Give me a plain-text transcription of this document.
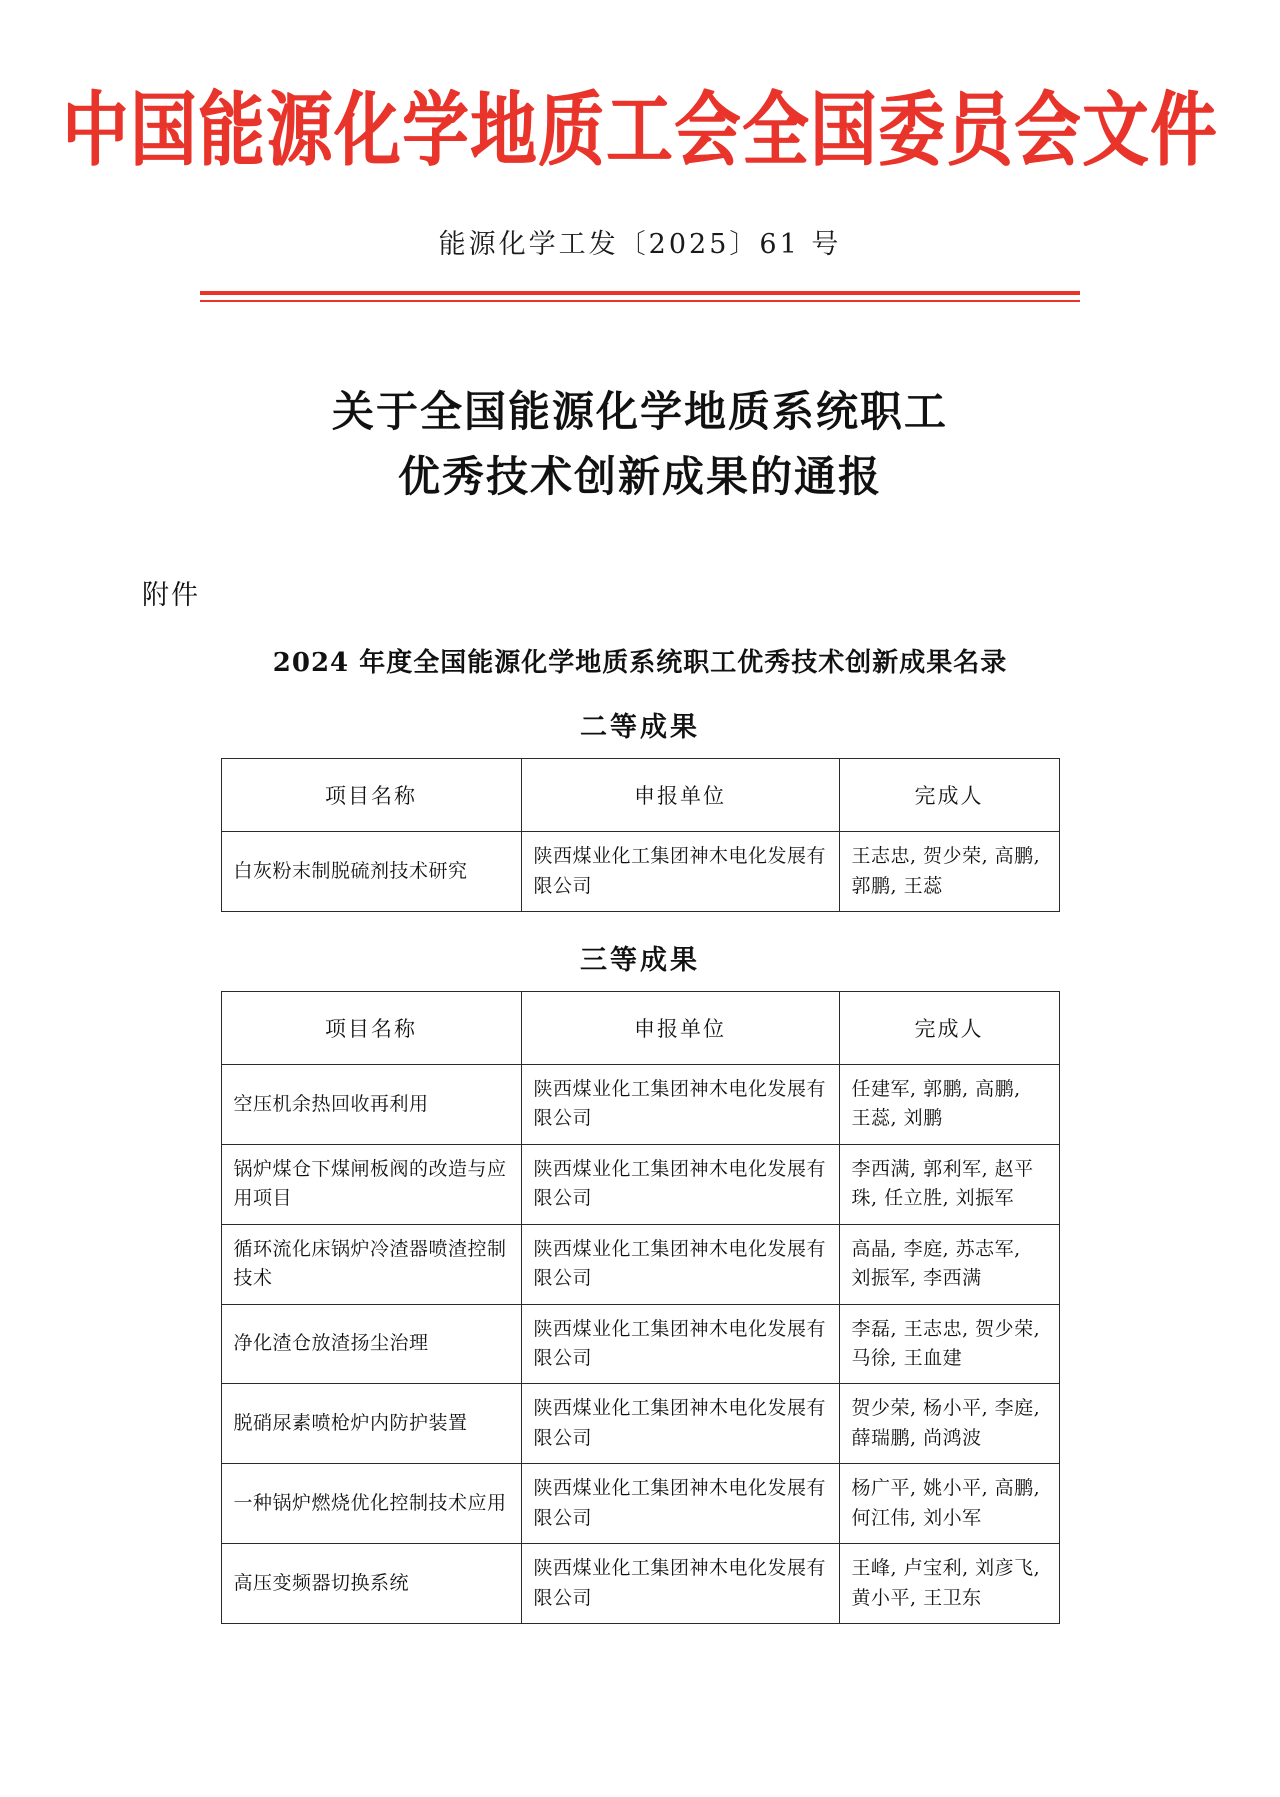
中国能源化学地质工会全国委员会文件
能源化学工发〔2025〕61 号
关于全国能源化学地质系统职工
优秀技术创新成果的通报
附件
2024 年度全国能源化学地质系统职工优秀技术创新成果名录
二等成果
项目名称	申报单位	完成人
白灰粉末制脱硫剂技术研究	陕西煤业化工集团神木电化发展有限公司	王志忠, 贺少荣, 高鹏, 郭鹏, 王蕊
三等成果
项目名称	申报单位	完成人
空压机余热回收再利用	陕西煤业化工集团神木电化发展有限公司	任建军, 郭鹏, 高鹏, 王蕊, 刘鹏
锅炉煤仓下煤闸板阀的改造与应用项目	陕西煤业化工集团神木电化发展有限公司	李西满, 郭利军, 赵平珠, 任立胜, 刘振军
循环流化床锅炉冷渣器喷渣控制技术	陕西煤业化工集团神木电化发展有限公司	高晶, 李庭, 苏志军, 刘振军, 李西满
净化渣仓放渣扬尘治理	陕西煤业化工集团神木电化发展有限公司	李磊, 王志忠, 贺少荣, 马徐, 王血建
脱硝尿素喷枪炉内防护装置	陕西煤业化工集团神木电化发展有限公司	贺少荣, 杨小平, 李庭, 薛瑞鹏, 尚鸿波
一种锅炉燃烧优化控制技术应用	陕西煤业化工集团神木电化发展有限公司	杨广平, 姚小平, 高鹏, 何江伟, 刘小军
高压变频器切换系统	陕西煤业化工集团神木电化发展有限公司	王峰, 卢宝利, 刘彦飞, 黄小平, 王卫东
